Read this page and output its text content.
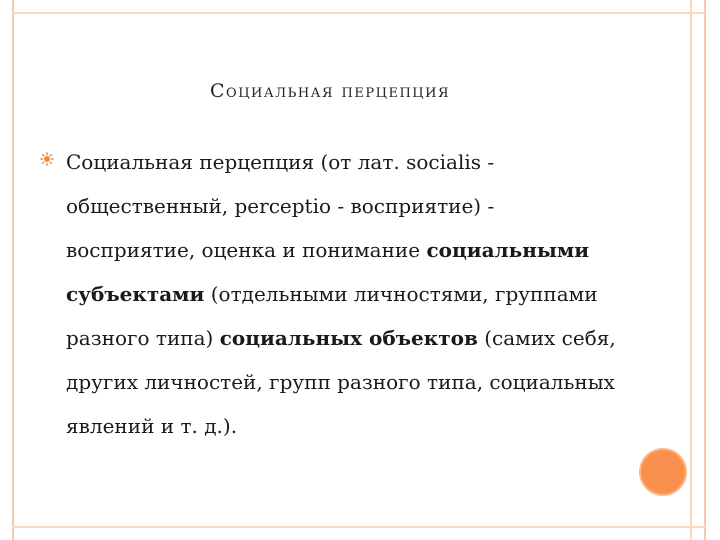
Социальная перцепция
Социальная перцепция (от лат. socialis - общественный, perceptio - восприятие) - восприятие, оценка и понимание социальными субъектами (отдельными личностями, группами разного типа) социальных объектов (самих себя, других личностей, групп разного типа, социальных явлений и т. д.).
